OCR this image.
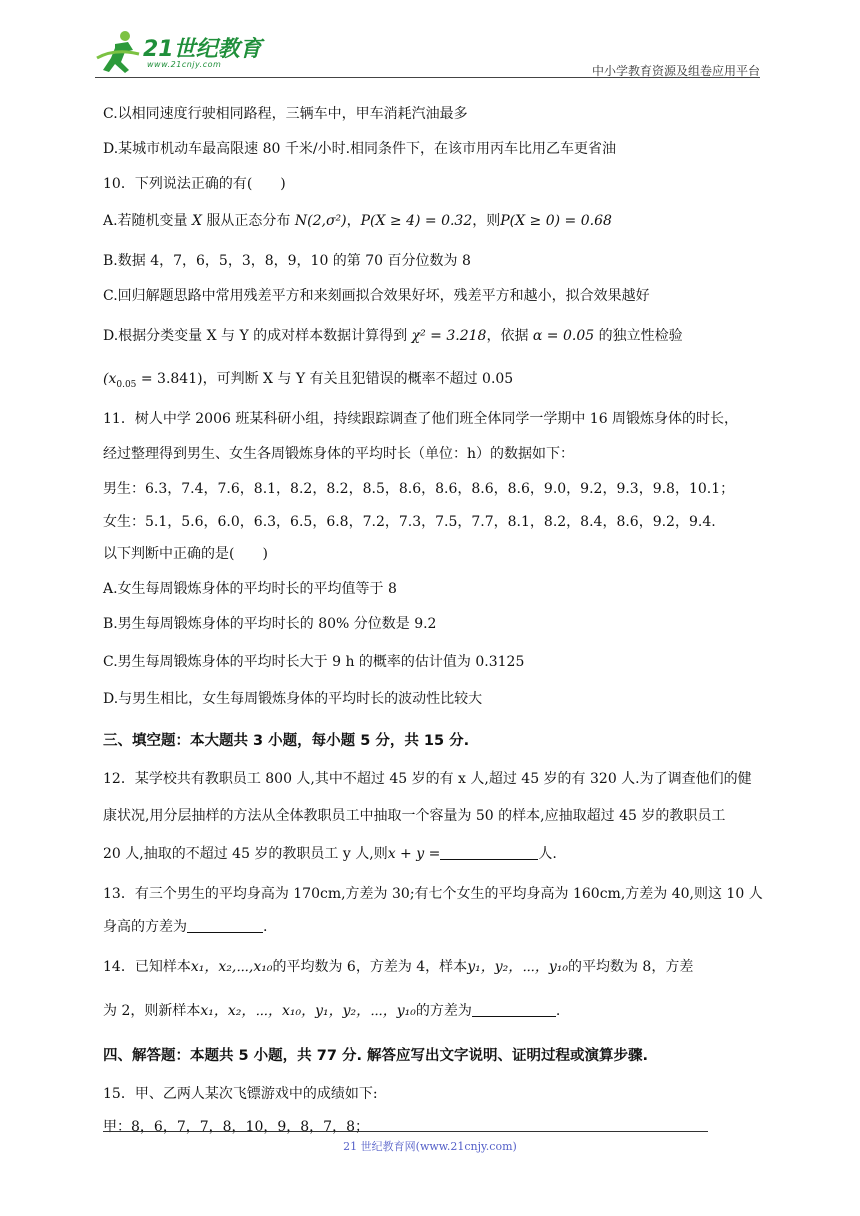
21世纪教育
www.21cnjy.com	中小学教育资源及组卷应用平台
C.以相同速度行驶相同路程，三辆车中，甲车消耗汽油最多
D.某城市机动车最高限速 80 千米/小时.相同条件下，在该市用丙车比用乙车更省油
10．下列说法正确的有(　　)
A.若随机变量 X 服从正态分布 N(2,σ²)，P(X ≥ 4) = 0.32，则P(X ≥ 0) = 0.68
B.数据 4，7，6，5，3，8，9，10 的第 70 百分位数为 8
C.回归解题思路中常用残差平方和来刻画拟合效果好坏，残差平方和越小，拟合效果越好
D.根据分类变量 X 与 Y 的成对样本数据计算得到 χ² = 3.218，依据 α = 0.05 的独立性检验
$(x_{0.05} = 3.841)$，可判断 X 与 Y 有关且犯错误的概率不超过 0.05
11．树人中学 2006 班某科研小组，持续跟踪调查了他们班全体同学一学期中 16 周锻炼身体的时长，
经过整理得到男生、女生各周锻炼身体的平均时长（单位：h）的数据如下：
男生：6.3，7.4，7.6，8.1，8.2，8.2，8.5，8.6，8.6，8.6，8.6，9.0，9.2，9.3，9.8，10.1；
女生：5.1，5.6，6.0，6.3，6.5，6.8，7.2，7.3，7.5，7.7，8.1，8.2，8.4，8.6，9.2，9.4.
以下判断中正确的是(　　)
A.女生每周锻炼身体的平均时长的平均值等于 8
B.男生每周锻炼身体的平均时长的 80% 分位数是 9.2
C.男生每周锻炼身体的平均时长大于 9 h 的概率的估计值为 0.3125
D.与男生相比，女生每周锻炼身体的平均时长的波动性比较大
三、填空题：本大题共 3 小题，每小题 5 分，共 15 分.
12．某学校共有教职员工 800 人,其中不超过 45 岁的有 x 人,超过 45 岁的有 320 人.为了调查他们的健
康状况,用分层抽样的方法从全体教职员工中抽取一个容量为 50 的样本,应抽取超过 45 岁的教职员工
20 人,抽取的不超过 45 岁的教职员工 y 人,则x + y =	人.
13．有三个男生的平均身高为 170cm,方差为 30;有七个女生的平均身高为 160cm,方差为 40,则这 10 人
身高的方差为	.
14．已知样本x₁，x₂,⋯,x₁₀的平均数为 6，方差为 4，样本y₁，y₂，⋯，y₁₀的平均数为 8，方差
为 2，则新样本x₁，x₂，⋯，x₁₀，y₁，y₂，⋯，y₁₀的方差为	.
四、解答题：本题共 5 小题，共 77 分. 解答应写出文字说明、证明过程或演算步骤.
15．甲、乙两人某次飞镖游戏中的成绩如下:
甲：8，6，7，7，8，10，9，8，7，8；
21 世纪教育网(www.21cnjy.com)
